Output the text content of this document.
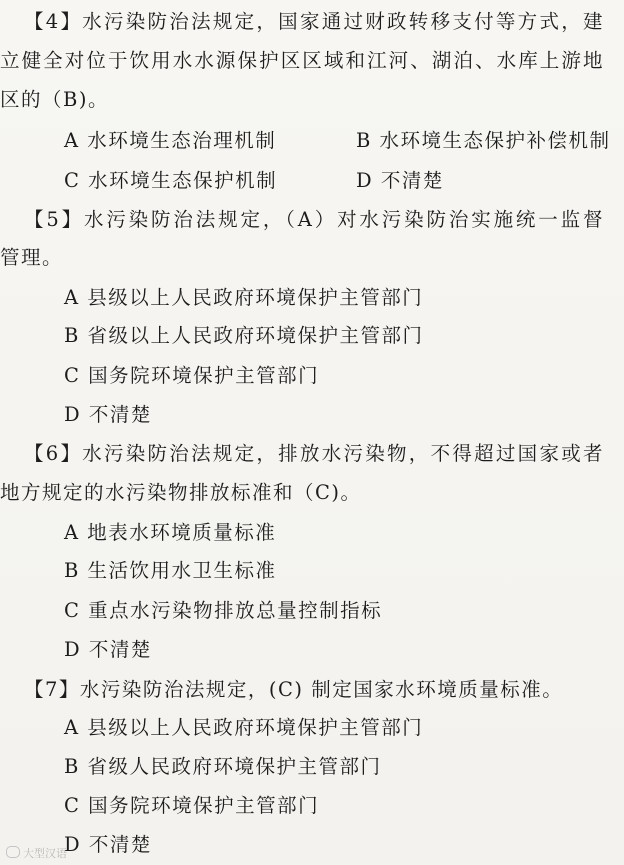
【4】水污染防治法规定，国家通过财政转移支付等方式，建
立健全对位于饮用水水源保护区区域和江河、湖泊、水库上游地
区的（B)。
A 水环境生态治理机制	B 水环境生态保护补偿机制
C 水环境生态保护机制	D 不清楚
【5】水污染防治法规定，（A）对水污染防治实施统一监督
管理。
A 县级以上人民政府环境保护主管部门
B 省级以上人民政府环境保护主管部门
C 国务院环境保护主管部门
D 不清楚
【6】水污染防治法规定，排放水污染物，不得超过国家或者
地方规定的水污染物排放标准和（C)。
A 地表水环境质量标准
B 生活饮用水卫生标准
C 重点水污染物排放总量控制指标
D 不清楚
【7】水污染防治法规定，(C) 制定国家水环境质量标准。
A 县级以上人民政府环境保护主管部门
B 省级人民政府环境保护主管部门
C 国务院环境保护主管部门
D 不清楚
大型汉语
